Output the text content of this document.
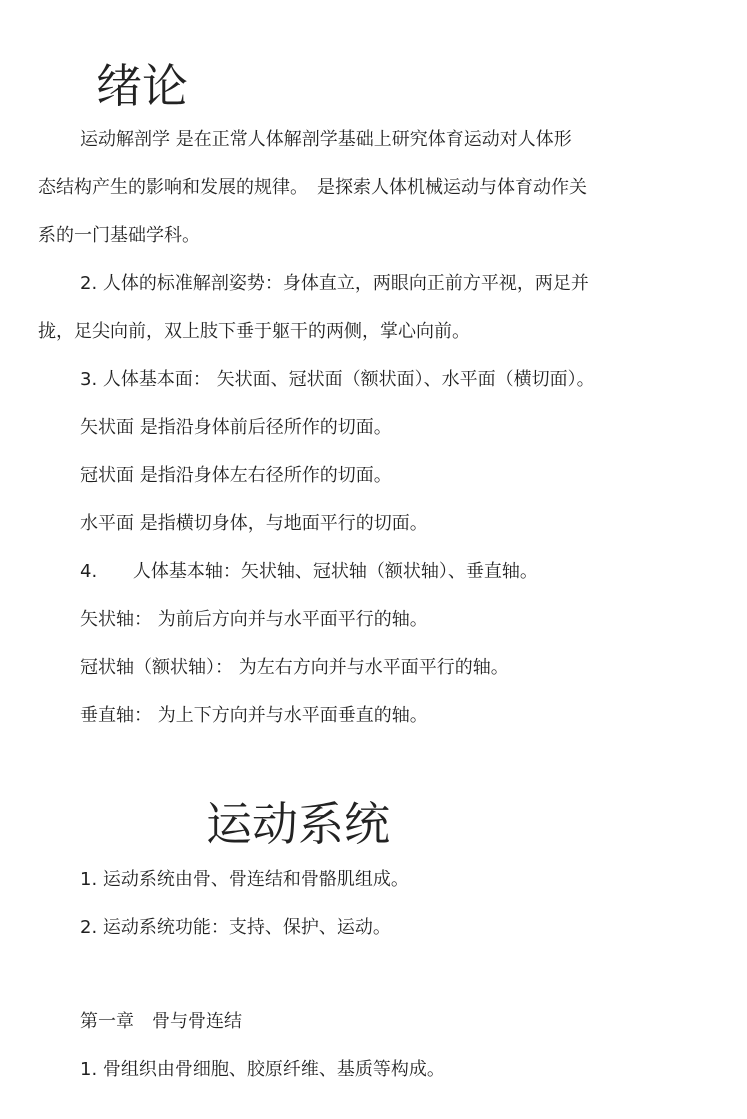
绪论
运动解剖学 是在正常人体解剖学基础上研究体育运动对人体形
态结构产生的影响和发展的规律。　是探索人体机械运动与体育动作关
系的一门基础学科。
2. 人体的标准解剖姿势：身体直立，两眼向正前方平视，两足并
拢，足尖向前，双上肢下垂于躯干的两侧，掌心向前。
3. 人体基本面： 矢状面、冠状面（额状面）、水平面（横切面）。
矢状面 是指沿身体前后径所作的切面。
冠状面 是指沿身体左右径所作的切面。
水平面 是指横切身体，与地面平行的切面。
4. 人体基本轴：矢状轴、冠状轴（额状轴）、垂直轴。
矢状轴： 为前后方向并与水平面平行的轴。
冠状轴（额状轴）： 为左右方向并与水平面平行的轴。
垂直轴： 为上下方向并与水平面垂直的轴。
运动系统
1. 运动系统由骨、骨连结和骨骼肌组成。
2. 运动系统功能：支持、保护、运动。
第一章　骨与骨连结
1. 骨组织由骨细胞、胶原纤维、基质等构成。
